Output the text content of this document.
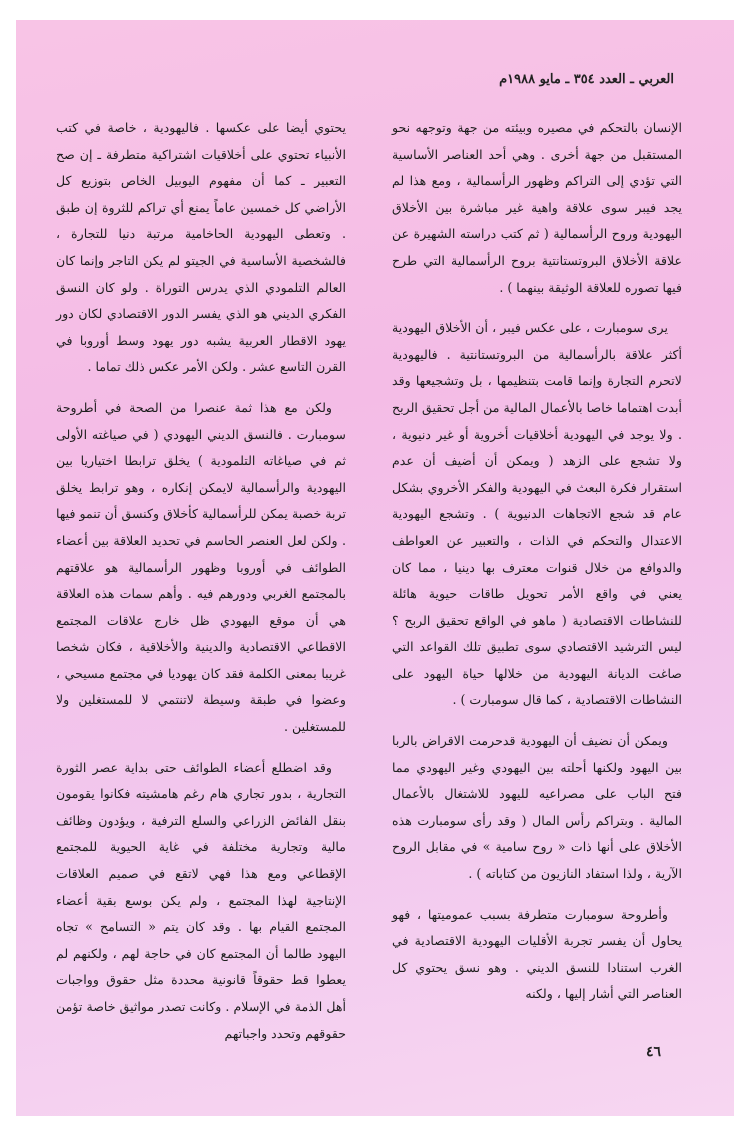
العربي ـ العدد ٣٥٤ ـ مايو ١٩٨٨م

الإنسان بالتحكم في مصيره وبيئته من جهة وتوجهه نحو المستقبل من جهة أخرى . وهي أحد العناصر الأساسية التي تؤدي إلى التراكم وظهور الرأسمالية ، ومع هذا لم يجد فيبر سوى علاقة واهية غير مباشرة بين الأخلاق اليهودية وروح الرأسمالية ( ثم كتب دراسته الشهيرة عن علاقة الأخلاق البروتستانتية بروح الرأسمالية التي طرح فيها تصوره للعلاقة الوثيقة بينهما ) .

يرى سومبارت ، على عكس فيبر ، أن الأخلاق اليهودية أكثر علاقة بالرأسمالية من البروتستانتية . فاليهودية لاتحرم التجارة وإنما قامت بتنظيمها ، بل وتشجيعها وقد أبدت اهتماما خاصا بالأعمال المالية من أجل تحقيق الربح . ولا يوجد في اليهودية أخلاقيات أخروية أو غير دنيوية ، ولا تشجع على الزهد ( ويمكن أن أضيف أن عدم استقرار فكرة البعث في اليهودية والفكر الأخروي بشكل عام قد شجع الاتجاهات الدنيوية ) . وتشجع اليهودية الاعتدال والتحكم في الذات ، والتعبير عن العواطف والدوافع من خلال قنوات معترف بها دينيا ، مما كان يعني في واقع الأمر تحويل طاقات حيوية هائلة للنشاطات الاقتصادية ( ماهو في الواقع تحقيق الربح ؟ ليس الترشيد الاقتصادي سوى تطبيق تلك القواعد التي صاغت الديانة اليهودية من خلالها حياة اليهود على النشاطات الاقتصادية ، كما قال سومبارت ) .

ويمكن أن نضيف أن اليهودية قدحرمت الاقراض بالربا بين اليهود ولكنها أحلته بين اليهودي وغير اليهودي مما فتح الباب على مصراعيه لليهود للاشتغال بالأعمال المالية . وبتراكم رأس المال ( وقد رأى سومبارت هذه الأخلاق على أنها ذات « روح سامية » في مقابل الروح الآرية ، ولذا استفاد النازيون من كتاباته ) .

وأطروحة سومبارت متطرفة بسبب عموميتها ، فهو يحاول أن يفسر تجربة الأقليات اليهودية الاقتصادية في الغرب استنادا للنسق الديني . وهو نسق يحتوي كل العناصر التي أشار إليها ، ولكنه

يحتوي أيضا على عكسها . فاليهودية ، خاصة في كتب الأنبياء تحتوي على أخلاقيات اشتراكية متطرفة ـ إن صح التعبير ـ كما أن مفهوم اليوبيل الخاص بتوزيع كل الأراضي كل خمسين عاماً يمنع أي تراكم للثروة إن طبق . وتعطى اليهودية الحاخامية مرتبة دنيا للتجارة ، فالشخصية الأساسية في الجيتو لم يكن التاجر وإنما كان العالم التلمودي الذي يدرس التوراة . ولو كان النسق الفكري الديني هو الذي يفسر الدور الاقتصادي لكان دور يهود الاقطار العربية يشبه دور يهود وسط أوروبا في القرن التاسع عشر . ولكن الأمر عكس ذلك تماما .

ولكن مع هذا ثمة عنصرا من الصحة في أطروحة سومبارت . فالنسق الديني اليهودي ( في صياغته الأولى ثم في صياغاته التلمودية ) يخلق ترابطا اختياريا بين اليهودية والرأسمالية لايمكن إنكاره ، وهو ترابط يخلق تربة خصبة يمكن للرأسمالية كأخلاق وكنسق أن تنمو فيها . ولكن لعل العنصر الحاسم في تحديد العلاقة بين أعضاء الطوائف في أوروبا وظهور الرأسمالية هو علاقتهم بالمجتمع الغربي ودورهم فيه . وأهم سمات هذه العلاقة هي أن موقع اليهودي ظل خارج علاقات المجتمع الاقطاعي الاقتصادية والدينية والأخلاقية ، فكان شخصا غريبا بمعنى الكلمة فقد كان يهوديا في مجتمع مسيحي ، وعضوا في طبقة وسيطة لاتنتمي لا للمستغلين ولا للمستغلين .

وقد اضطلع أعضاء الطوائف حتى بداية عصر الثورة التجارية ، بدور تجاري هام رغم هامشيته فكانوا يقومون بنقل الفائض الزراعي والسلع الترفية ، ويؤدون وظائف مالية وتجارية مختلفة في غاية الحيوية للمجتمع الإقطاعي ومع هذا فهي لاتقع في صميم العلاقات الإنتاجية لهذا المجتمع ، ولم يكن بوسع بقية أعضاء المجتمع القيام بها . وقد كان يتم « التسامح » تجاه اليهود طالما أن المجتمع كان في حاجة لهم ، ولكنهم لم يعطوا قط حقوقاً قانونية محددة مثل حقوق وواجبات أهل الذمة في الإسلام . وكانت تصدر مواثيق خاصة تؤمن حقوقهم وتحدد واجباتهم

٤٦
